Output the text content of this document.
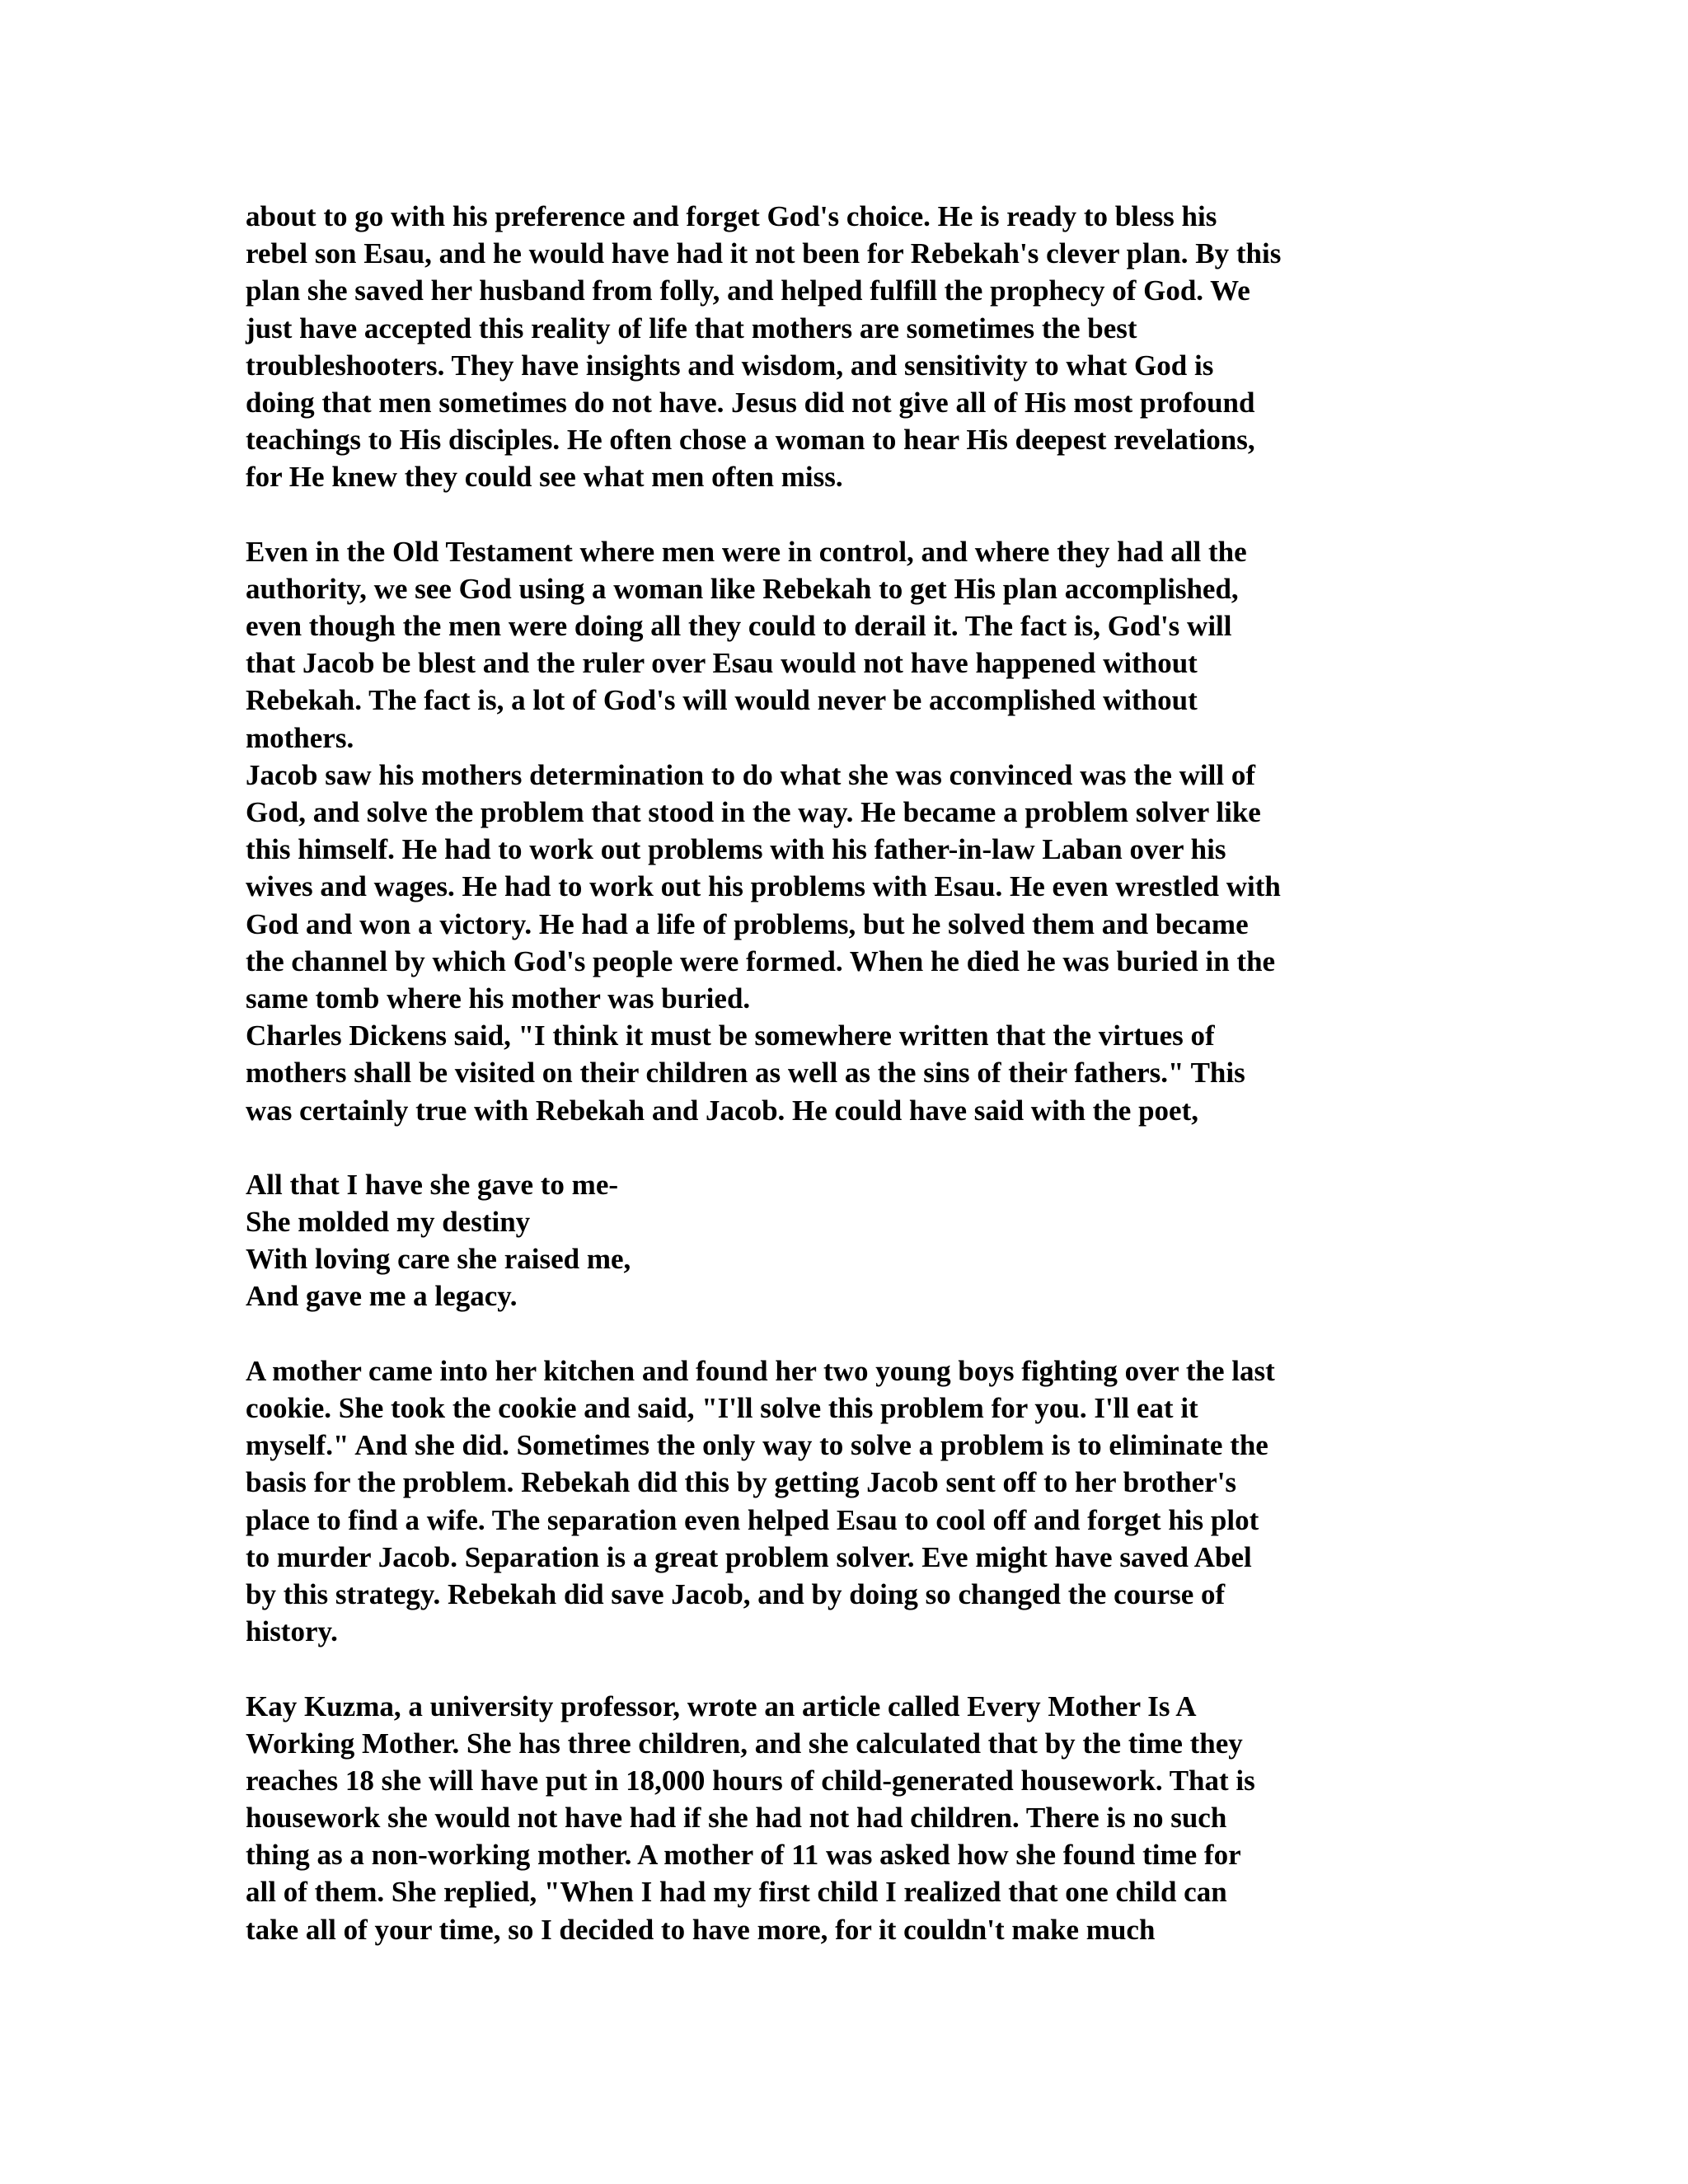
about to go with his preference and forget God's choice. He is ready to bless his
rebel son Esau, and he would have had it not been for Rebekah's clever plan. By this
plan she saved her husband from folly, and helped fulfill the prophecy of God. We
just have accepted this reality of life that mothers are sometimes the best
troubleshooters. They have insights and wisdom, and sensitivity to what God is
doing that men sometimes do not have. Jesus did not give all of His most profound
teachings to His disciples. He often chose a woman to hear His deepest revelations,
for He knew they could see what men often miss.
Even in the Old Testament where men were in control, and where they had all the
authority, we see God using a woman like Rebekah to get His plan accomplished,
even though the men were doing all they could to derail it. The fact is, God's will
that Jacob be blest and the ruler over Esau would not have happened without
Rebekah. The fact is, a lot of God's will would never be accomplished without
mothers.
Jacob saw his mothers determination to do what she was convinced was the will of
God, and solve the problem that stood in the way. He became a problem solver like
this himself. He had to work out problems with his father-in-law Laban over his
wives and wages. He had to work out his problems with Esau. He even wrestled with
God and won a victory. He had a life of problems, but he solved them and became
the channel by which God's people were formed. When he died he was buried in the
same tomb where his mother was buried.
Charles Dickens said, "I think it must be somewhere written that the virtues of
mothers shall be visited on their children as well as the sins of their fathers." This
was certainly true with Rebekah and Jacob. He could have said with the poet,
All that I have she gave to me-
She molded my destiny
With loving care she raised me,
And gave me a legacy.
A mother came into her kitchen and found her two young boys fighting over the last
cookie. She took the cookie and said, "I'll solve this problem for you. I'll eat it
myself." And she did. Sometimes the only way to solve a problem is to eliminate the
basis for the problem. Rebekah did this by getting Jacob sent off to her brother's
place to find a wife. The separation even helped Esau to cool off and forget his plot
to murder Jacob. Separation is a great problem solver. Eve might have saved Abel
by this strategy. Rebekah did save Jacob, and by doing so changed the course of
history.
Kay Kuzma, a university professor, wrote an article called Every Mother Is A
Working Mother. She has three children, and she calculated that by the time they
reaches 18 she will have put in 18,000 hours of child-generated housework. That is
housework she would not have had if she had not had children. There is no such
thing as a non-working mother. A mother of 11 was asked how she found time for
all of them. She replied, "When I had my first child I realized that one child can
take all of your time, so I decided to have more, for it couldn't make much
